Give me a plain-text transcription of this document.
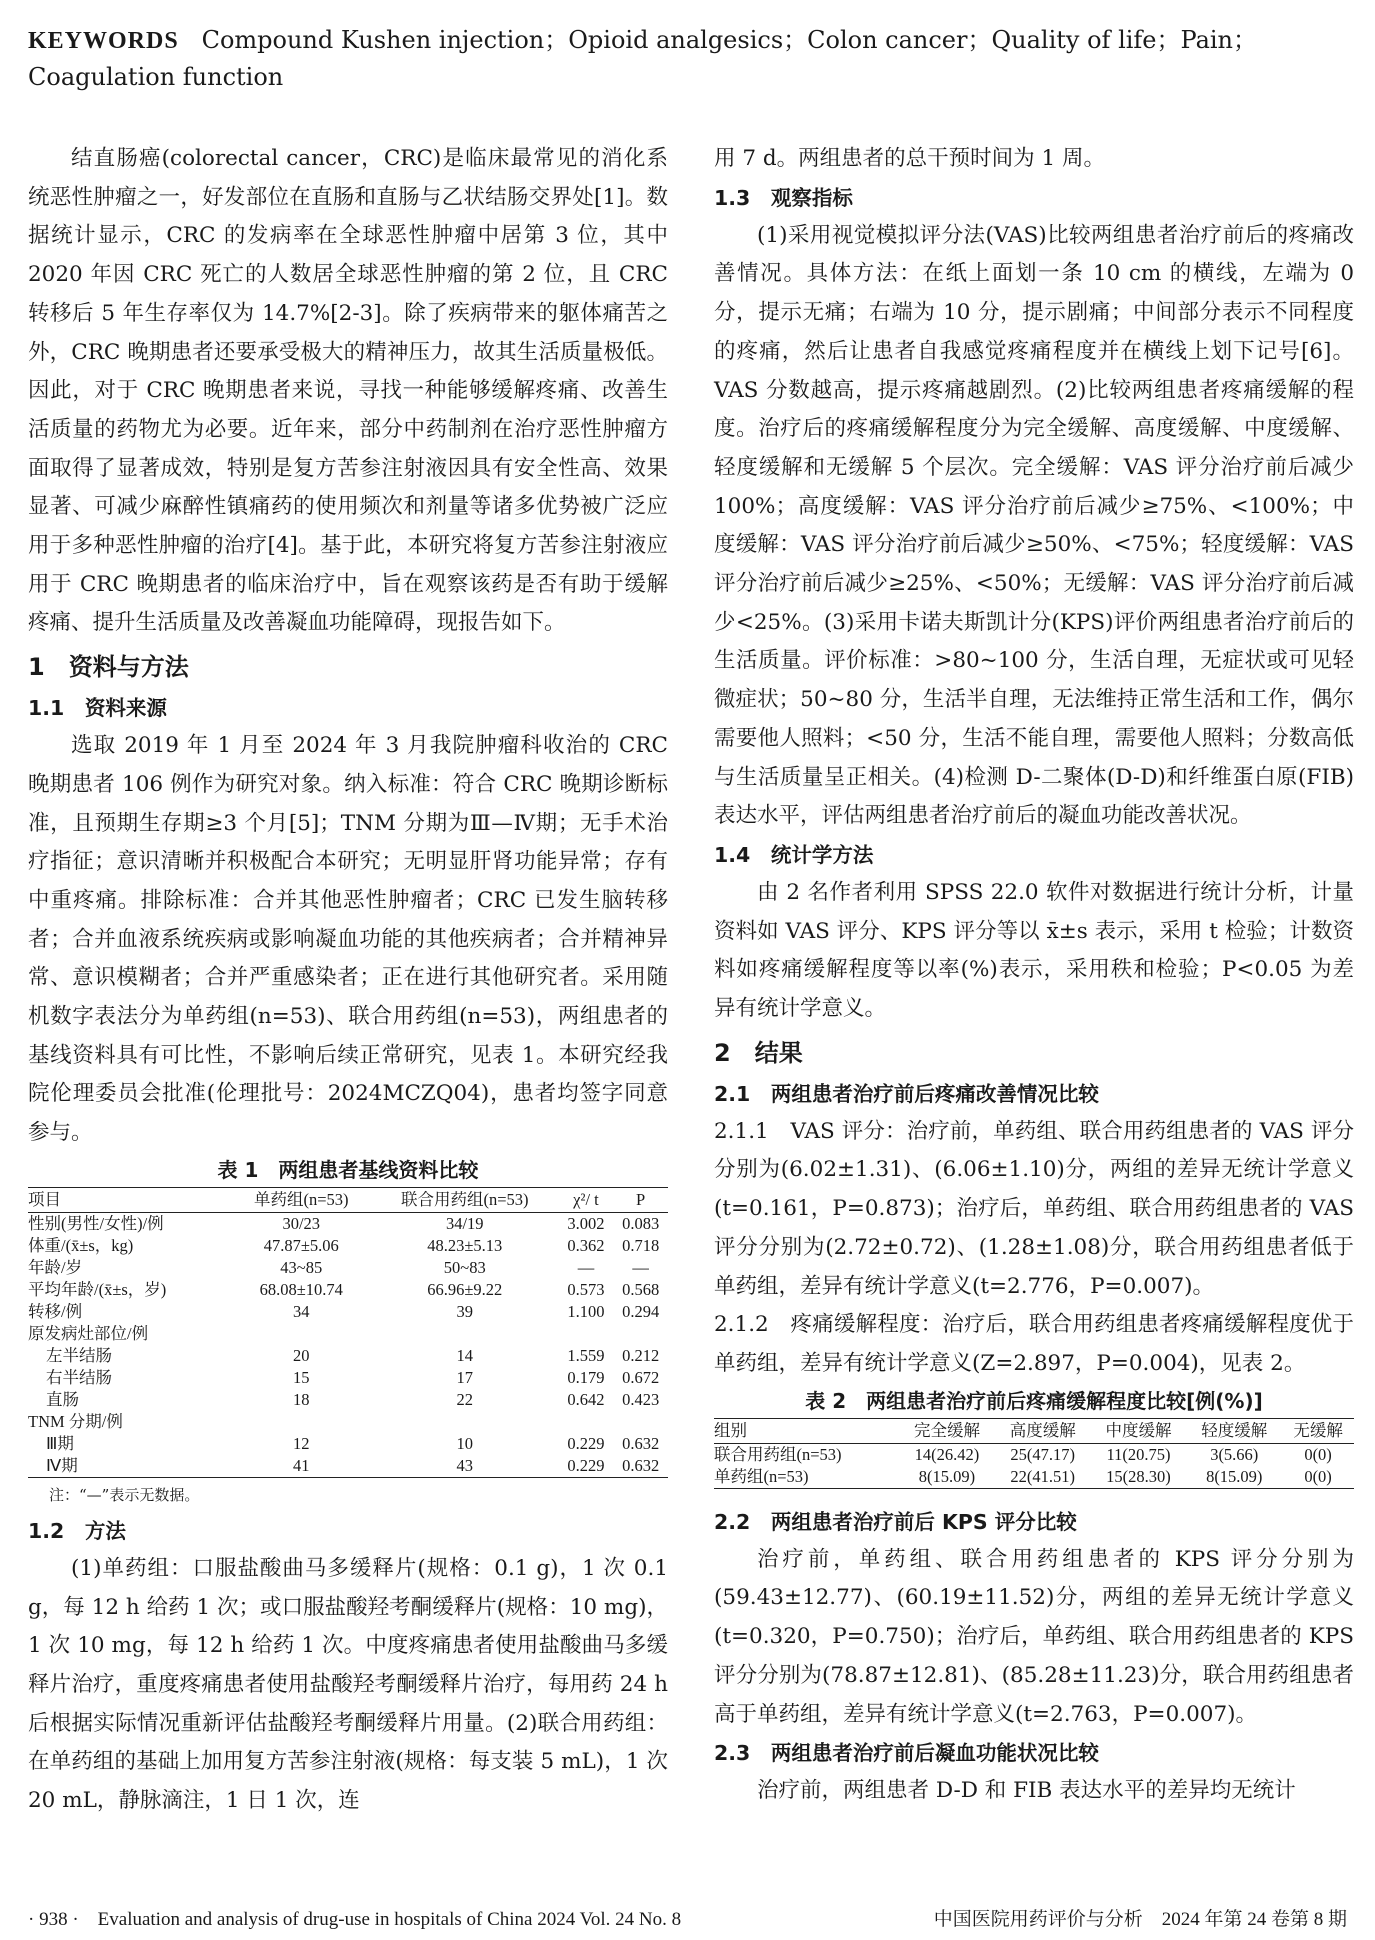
KEYWORDS Compound Kushen injection；Opioid analgesics；Colon cancer；Quality of life；Pain；Coagulation function

结直肠癌(colorectal cancer，CRC)是临床最常见的消化系统恶性肿瘤之一，好发部位在直肠和直肠与乙状结肠交界处[1]。数据统计显示，CRC 的发病率在全球恶性肿瘤中居第 3 位，其中 2020 年因 CRC 死亡的人数居全球恶性肿瘤的第 2 位，且 CRC 转移后 5 年生存率仅为 14.7%[2-3]。除了疾病带来的躯体痛苦之外，CRC 晚期患者还要承受极大的精神压力，故其生活质量极低。因此，对于 CRC 晚期患者来说，寻找一种能够缓解疼痛、改善生活质量的药物尤为必要。近年来，部分中药制剂在治疗恶性肿瘤方面取得了显著成效，特别是复方苦参注射液因具有安全性高、效果显著、可减少麻醉性镇痛药的使用频次和剂量等诸多优势被广泛应用于多种恶性肿瘤的治疗[4]。基于此，本研究将复方苦参注射液应用于 CRC 晚期患者的临床治疗中，旨在观察该药是否有助于缓解疼痛、提升生活质量及改善凝血功能障碍，现报告如下。

1　资料与方法
1.1　资料来源

选取 2019 年 1 月至 2024 年 3 月我院肿瘤科收治的 CRC 晚期患者 106 例作为研究对象。纳入标准：符合 CRC 晚期诊断标准，且预期生存期≥3 个月[5]；TNM 分期为Ⅲ—Ⅳ期；无手术治疗指征；意识清晰并积极配合本研究；无明显肝肾功能异常；存有中重疼痛。排除标准：合并其他恶性肿瘤者；CRC 已发生脑转移者；合并血液系统疾病或影响凝血功能的其他疾病者；合并精神异常、意识模糊者；合并严重感染者；正在进行其他研究者。采用随机数字表法分为单药组(n=53)、联合用药组(n=53)，两组患者的基线资料具有可比性，不影响后续正常研究，见表 1。本研究经我院伦理委员会批准(伦理批号：2024MCZQ04)，患者均签字同意参与。

表 1　两组患者基线资料比较
项目	单药组(n=53)	联合用药组(n=53)	χ²/ t	P
性别(男性/女性)/例	30/23	34/19	3.002	0.083
体重/(x̄±s，kg)	47.87±5.06	48.23±5.13	0.362	0.718
年龄/岁	43~85	50~83	—	—
平均年龄/(x̄±s，岁)	68.08±10.74	66.96±9.22	0.573	0.568
转移/例	34	39	1.100	0.294
原发病灶部位/例				
左半结肠	20	14	1.559	0.212
右半结肠	15	17	0.179	0.672
直肠	18	22	0.642	0.423
TNM 分期/例				
Ⅲ期	12	10	0.229	0.632
Ⅳ期	41	43	0.229	0.632
注：“—”表示无数据。
1.2　方法

(1)单药组：口服盐酸曲马多缓释片(规格：0.1 g)，1 次 0.1 g，每 12 h 给药 1 次；或口服盐酸羟考酮缓释片(规格：10 mg)，1 次 10 mg，每 12 h 给药 1 次。中度疼痛患者使用盐酸曲马多缓释片治疗，重度疼痛患者使用盐酸羟考酮缓释片治疗，每用药 24 h 后根据实际情况重新评估盐酸羟考酮缓释片用量。(2)联合用药组：在单药组的基础上加用复方苦参注射液(规格：每支装 5 mL)，1 次 20 mL，静脉滴注，1 日 1 次，连

用 7 d。两组患者的总干预时间为 1 周。

1.3　观察指标

(1)采用视觉模拟评分法(VAS)比较两组患者治疗前后的疼痛改善情况。具体方法：在纸上面划一条 10 cm 的横线，左端为 0 分，提示无痛；右端为 10 分，提示剧痛；中间部分表示不同程度的疼痛，然后让患者自我感觉疼痛程度并在横线上划下记号[6]。VAS 分数越高，提示疼痛越剧烈。(2)比较两组患者疼痛缓解的程度。治疗后的疼痛缓解程度分为完全缓解、高度缓解、中度缓解、轻度缓解和无缓解 5 个层次。完全缓解：VAS 评分治疗前后减少 100%；高度缓解：VAS 评分治疗前后减少≥75%、<100%；中度缓解：VAS 评分治疗前后减少≥50%、<75%；轻度缓解：VAS 评分治疗前后减少≥25%、<50%；无缓解：VAS 评分治疗前后减少<25%。(3)采用卡诺夫斯凯计分(KPS)评价两组患者治疗前后的生活质量。评价标准：>80~100 分，生活自理，无症状或可见轻微症状；50~80 分，生活半自理，无法维持正常生活和工作，偶尔需要他人照料；<50 分，生活不能自理，需要他人照料；分数高低与生活质量呈正相关。(4)检测 D-二聚体(D-D)和纤维蛋白原(FIB)表达水平，评估两组患者治疗前后的凝血功能改善状况。

1.4　统计学方法

由 2 名作者利用 SPSS 22.0 软件对数据进行统计分析，计量资料如 VAS 评分、KPS 评分等以 x̄±s 表示，采用 t 检验；计数资料如疼痛缓解程度等以率(%)表示，采用秩和检验；P<0.05 为差异有统计学意义。

2　结果
2.1　两组患者治疗前后疼痛改善情况比较

2.1.1　VAS 评分：治疗前，单药组、联合用药组患者的 VAS 评分分别为(6.02±1.31)、(6.06±1.10)分，两组的差异无统计学意义(t=0.161，P=0.873)；治疗后，单药组、联合用药组患者的 VAS 评分分别为(2.72±0.72)、(1.28±1.08)分，联合用药组患者低于单药组，差异有统计学意义(t=2.776，P=0.007)。

2.1.2　疼痛缓解程度：治疗后，联合用药组患者疼痛缓解程度优于单药组，差异有统计学意义(Z=2.897，P=0.004)，见表 2。

表 2　两组患者治疗前后疼痛缓解程度比较[例(%)]
组别	完全缓解	高度缓解	中度缓解	轻度缓解	无缓解
联合用药组(n=53)	14(26.42)	25(47.17)	11(20.75)	3(5.66)	0(0)
单药组(n=53)	8(15.09)	22(41.51)	15(28.30)	8(15.09)	0(0)
2.2　两组患者治疗前后 KPS 评分比较

治疗前，单药组、联合用药组患者的 KPS 评分分别为(59.43±12.77)、(60.19±11.52)分，两组的差异无统计学意义(t=0.320，P=0.750)；治疗后，单药组、联合用药组患者的 KPS 评分分别为(78.87±12.81)、(85.28±11.23)分，联合用药组患者高于单药组，差异有统计学意义(t=2.763，P=0.007)。

2.3　两组患者治疗前后凝血功能状况比较

治疗前，两组患者 D-D 和 FIB 表达水平的差异均无统计

· 938 ·　Evaluation and analysis of drug-use in hospitals of China 2024 Vol. 24 No. 8	中国医院用药评价与分析　2024 年第 24 卷第 8 期
